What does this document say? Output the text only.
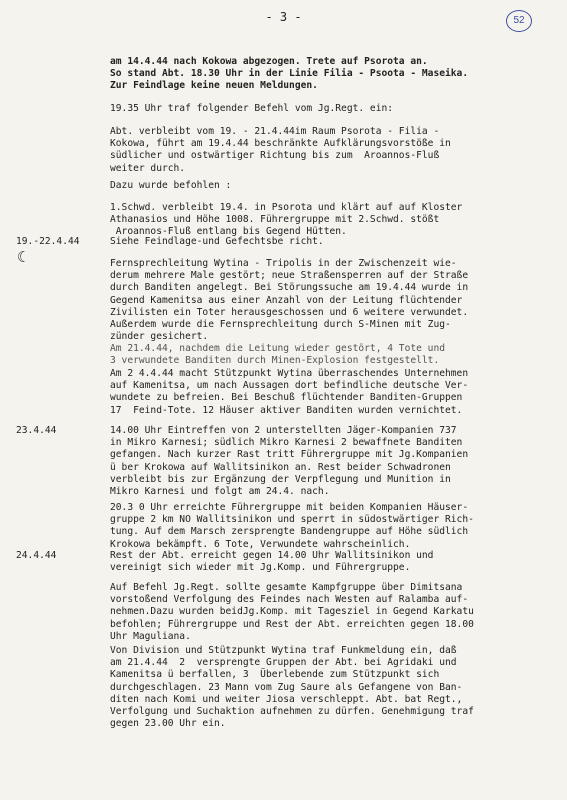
- 3 -	52
am 14.4.44 nach Kokowa abgezogen. Trete auf Psorota an.
So stand Abt. 18.30 Uhr in der Linie Filia - Psoota - Maseika.
Zur Feindlage keine neuen Meldungen.
19.35 Uhr traf folgender Befehl vom Jg.Regt. ein:
Abt. verbleibt vom 19. - 21.4.44im Raum Psorota - Filia -
Kokowa, führt am 19.4.44 beschränkte Aufklärungsvorstöße in
südlicher und ostwärtiger Richtung bis zum  Aroannos-Fluß
weiter durch.
Dazu wurde befohlen :
1.Schwd. verbleibt 19.4. in Psorota und klärt auf auf Kloster
Athanasios und Höhe 1008. Führergruppe mit 2.Schwd. stößt
Aroannos-Fluß entlang bis Gegend Hütten.
19.-22.4.44	Siehe Feindlage-und Gefechtsbe richt.
☾	Fernsprechleitung Wytina - Tripolis in der Zwischenzeit wie-
derum mehrere Male gestört; neue Straßensperren auf der Straße
durch Banditen angelegt. Bei Störungssuche am 19.4.44 wurde in
Gegend Kamenitsa aus einer Anzahl von der Leitung flüchtender
Zivilisten ein Toter herausgeschossen und 6 weitere verwundet.
Außerdem wurde die Fernsprechleitung durch S-Minen mit Zug-
zünder gesichert.
Am 21.4.44, nachdem die Leitung wieder gestört, 4 Tote und
3 verwundete Banditen durch Minen-Explosion festgestellt.
Am 2 4.4.44 macht Stützpunkt Wytina überraschendes Unternehmen
auf Kamenitsa, um nach Aussagen dort befindliche deutsche Ver-
wundete zu befreien. Bei Beschuß flüchtender Banditen-Gruppen
17  Feind-Tote. 12 Häuser aktiver Banditen wurden vernichtet.
23.4.44	14.00 Uhr Eintreffen von 2 unterstellten Jäger-Kompanien 737
in Mikro Karnesi; südlich Mikro Karnesi 2 bewaffnete Banditen
gefangen. Nach kurzer Rast tritt Führergruppe mit Jg.Kompanien
ü ber Krokowa auf Wallitsinikon an. Rest beider Schwadronen
verbleibt bis zur Ergänzung der Verpflegung und Munition in
Mikro Karnesi und folgt am 24.4. nach.
20.3 0 Uhr erreichte Führergruppe mit beiden Kompanien Häuser-
gruppe 2 km NO Wallitsinikon und sperrt in südostwärtiger Rich-
tung. Auf dem Marsch zersprengte Bandengruppe auf Höhe südlich
Krokowa bekämpft. 6 Tote, Verwundete wahrscheinlich.
24.4.44	Rest der Abt. erreicht gegen 14.00 Uhr Wallitsinikon und
vereinigt sich wieder mit Jg.Komp. und Führergruppe.
Auf Befehl Jg.Regt. sollte gesamte Kampfgruppe über Dimitsana
vorstoßend Verfolgung des Feindes nach Westen auf Ralamba auf-
nehmen.Dazu wurden beidJg.Komp. mit Tagesziel in Gegend Karkatu
befohlen; Führergruppe und Rest der Abt. erreichten gegen 18.00
Uhr Maguliana.
Von Division und Stützpunkt Wytina traf Funkmeldung ein, daß
am 21.4.44  2  versprengte Gruppen der Abt. bei Agridaki und
Kamenitsa ü berfallen, 3  Überlebende zum Stützpunkt sich
durchgeschlagen. 23 Mann vom Zug Saure als Gefangene von Ban-
diten nach Komi und weiter Jiosa verschleppt. Abt. bat Regt.,
Verfolgung und Suchaktion aufnehmen zu dürfen. Genehmigung traf
gegen 23.00 Uhr ein.
